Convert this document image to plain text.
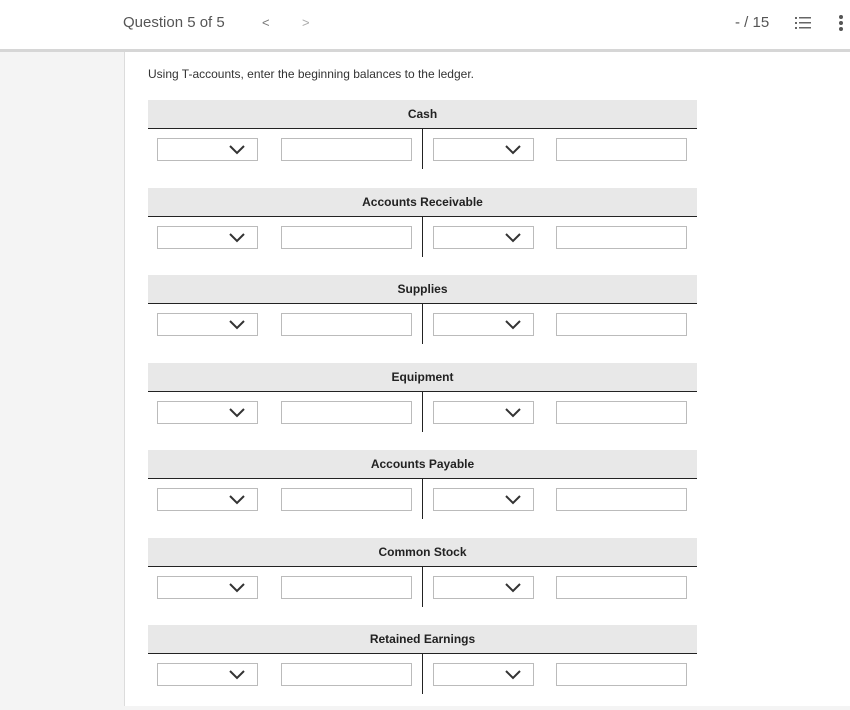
Question 5 of 5	< >	- / 15
Using T-accounts, enter the beginning balances to the ledger.
Cash
Accounts Receivable
Supplies
Equipment
Accounts Payable
Common Stock
Retained Earnings
